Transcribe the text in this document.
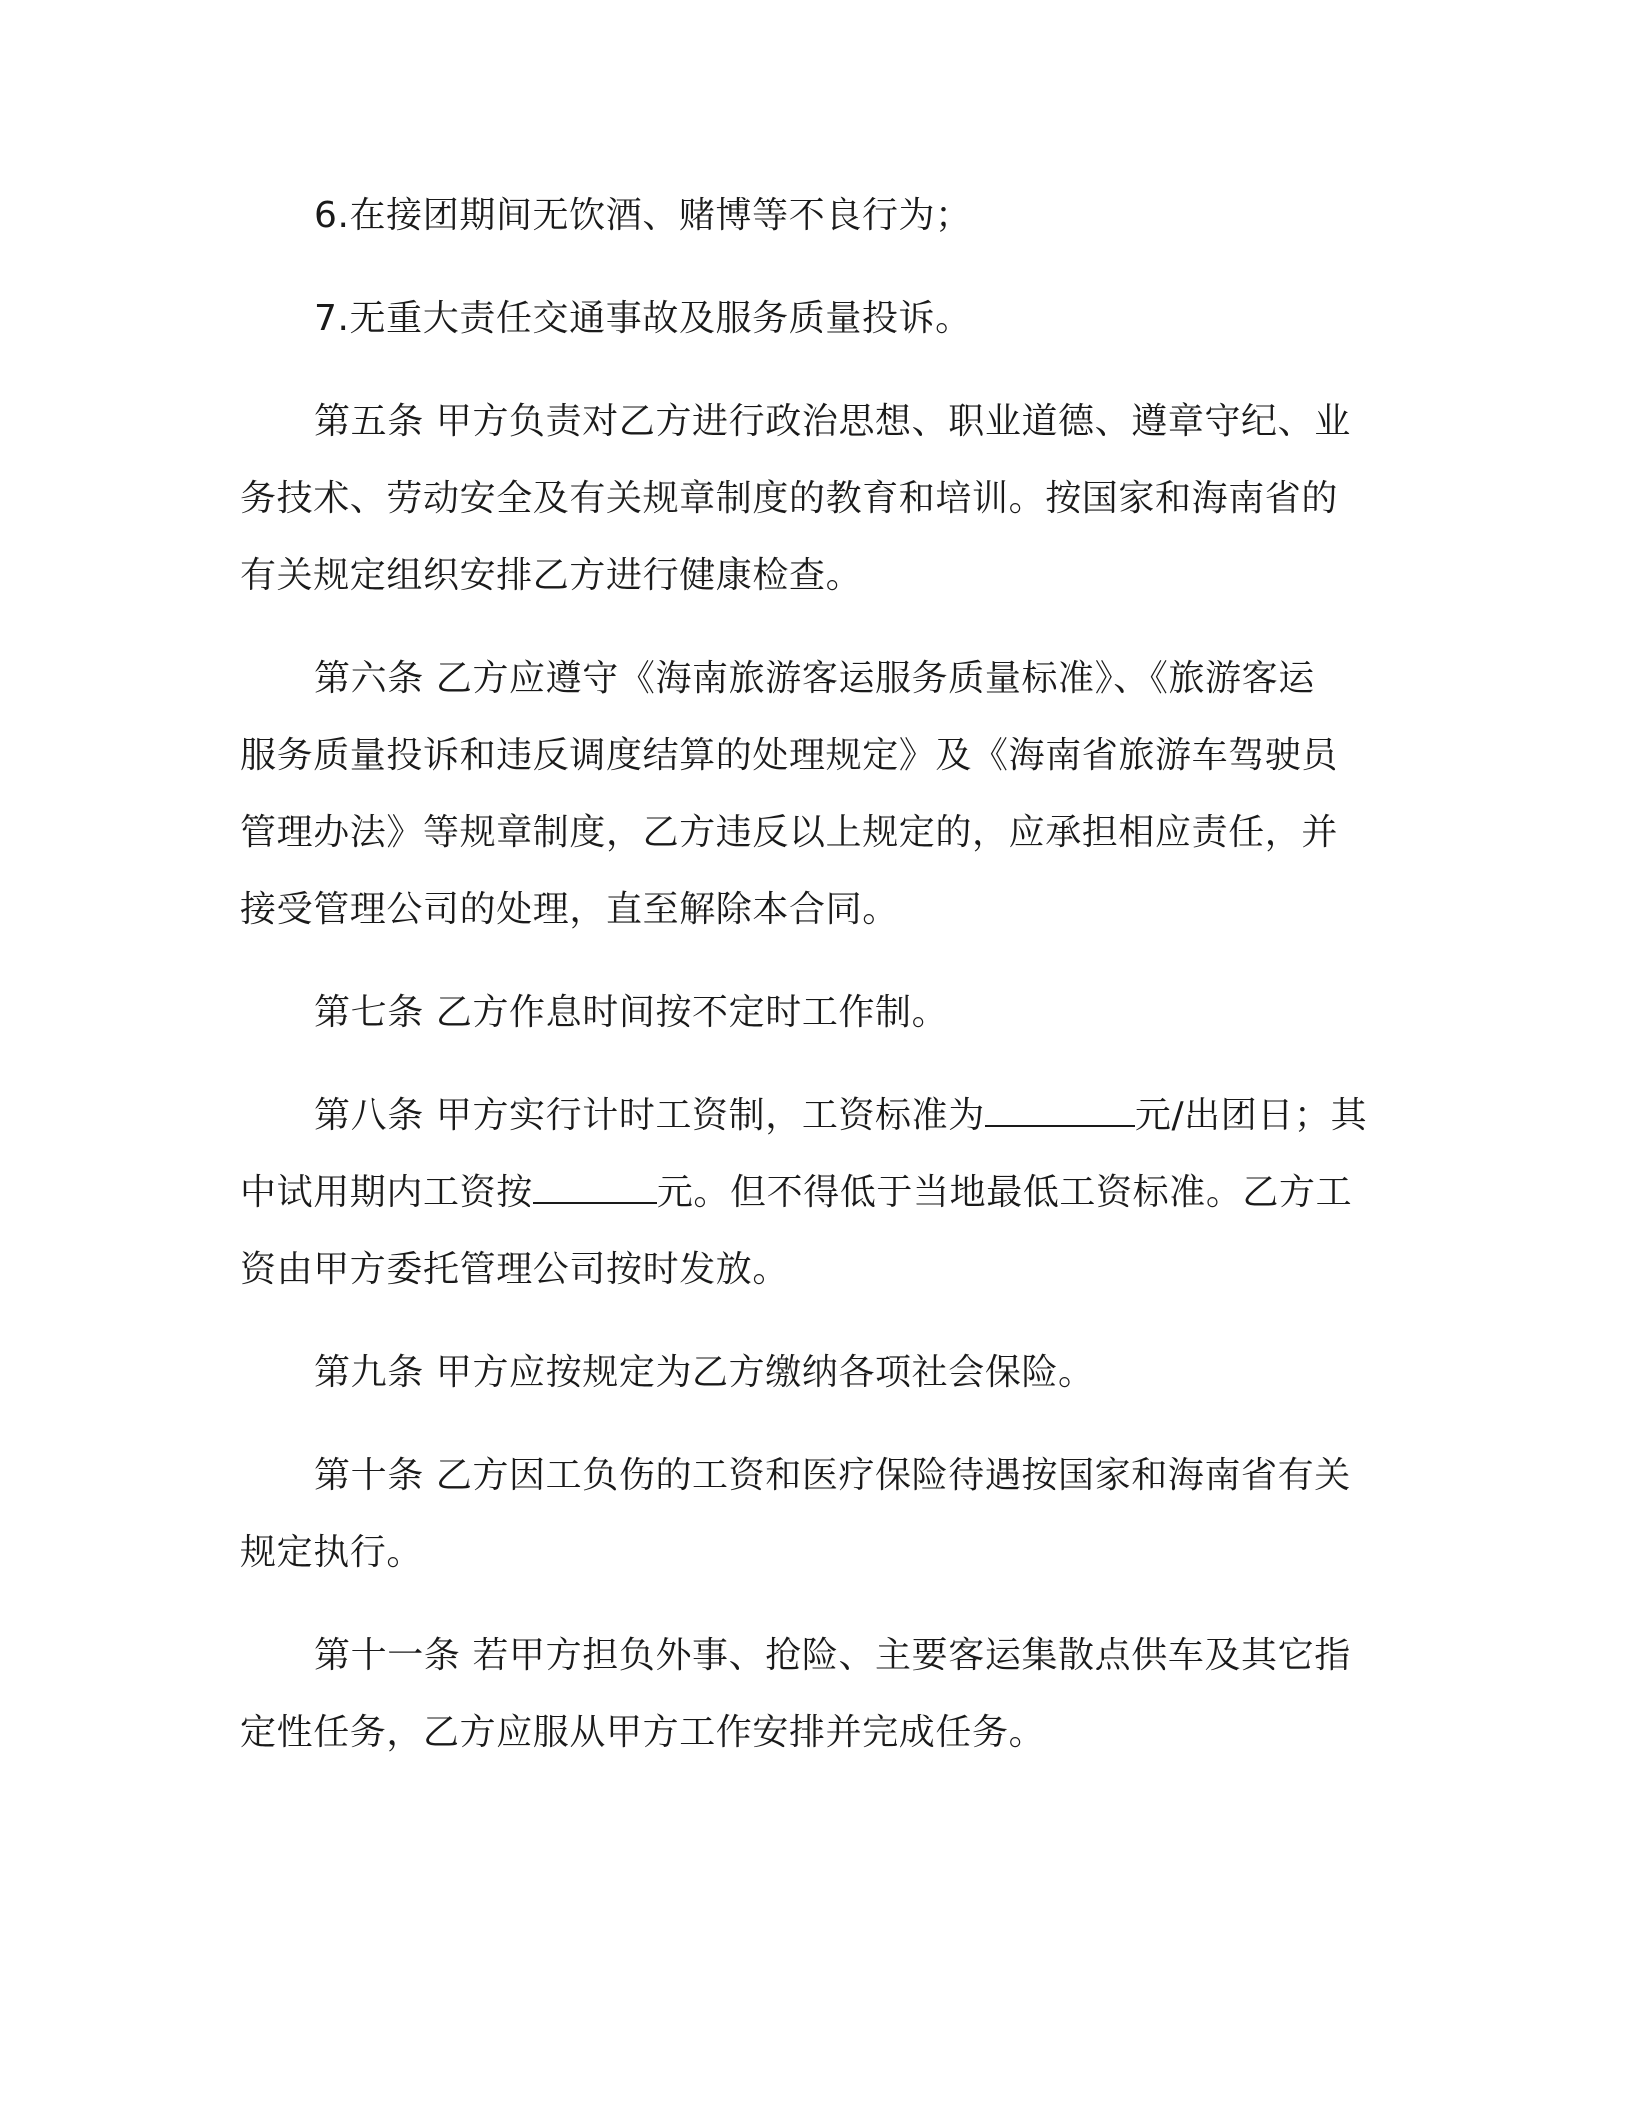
6.在接团期间无饮酒、赌博等不良行为；

7.无重大责任交通事故及服务质量投诉。

第五条 甲方负责对乙方进行政治思想、职业道德、遵章守纪、业
务技术、劳动安全及有关规章制度的教育和培训。按国家和海南省的
有关规定组织安排乙方进行健康检查。

第六条 乙方应遵守《海南旅游客运服务质量标准》、《旅游客运
服务质量投诉和违反调度结算的处理规定》及《海南省旅游车驾驶员
管理办法》等规章制度，乙方违反以上规定的，应承担相应责任，并
接受管理公司的处理，直至解除本合同。

第七条 乙方作息时间按不定时工作制。

第八条 甲方实行计时工资制，工资标准为	元/出团日；其
中试用期内工资按	元。但不得低于当地最低工资标准。乙方工
资由甲方委托管理公司按时发放。

第九条 甲方应按规定为乙方缴纳各项社会保险。

第十条 乙方因工负伤的工资和医疗保险待遇按国家和海南省有关
规定执行。

第十一条 若甲方担负外事、抢险、主要客运集散点供车及其它指
定性任务，乙方应服从甲方工作安排并完成任务。
